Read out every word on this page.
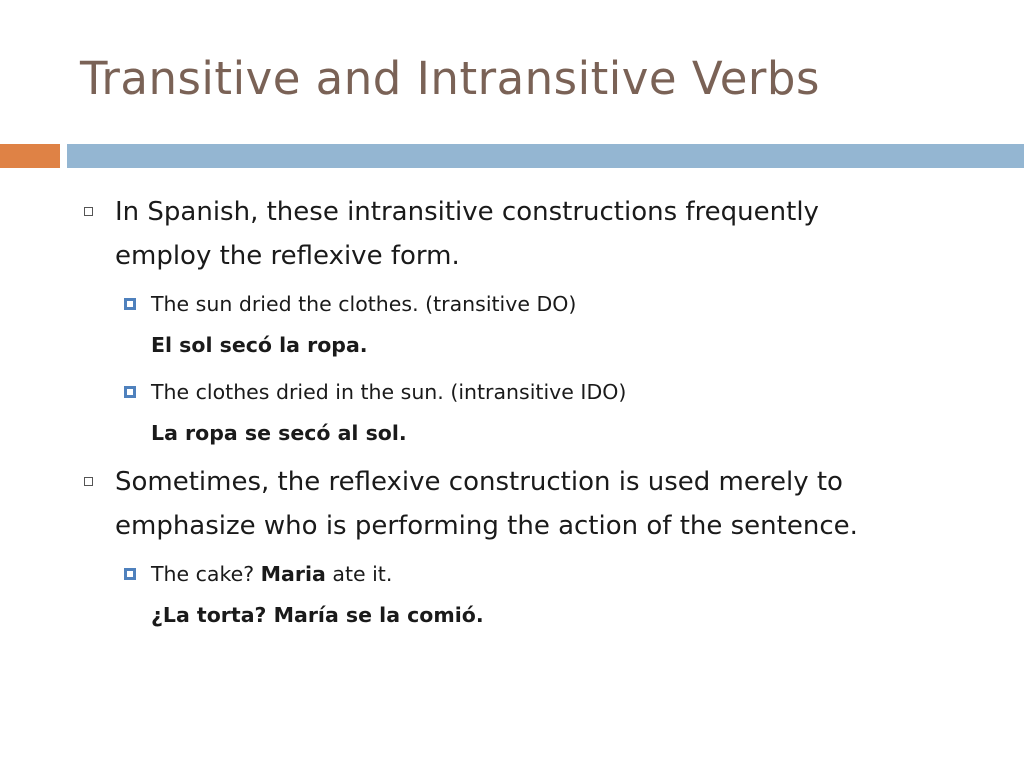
Transitive and Intransitive Verbs
In Spanish, these intransitive constructions frequently
employ the reflexive form.
The sun dried the clothes. (transitive DO)
El sol secó la ropa.
The clothes dried in the sun. (intransitive IDO)
La ropa se secó al sol.
Sometimes, the reflexive construction is used merely to
emphasize who is performing the action of the sentence.
The cake? Maria ate it.
¿La torta? María se la comió.
